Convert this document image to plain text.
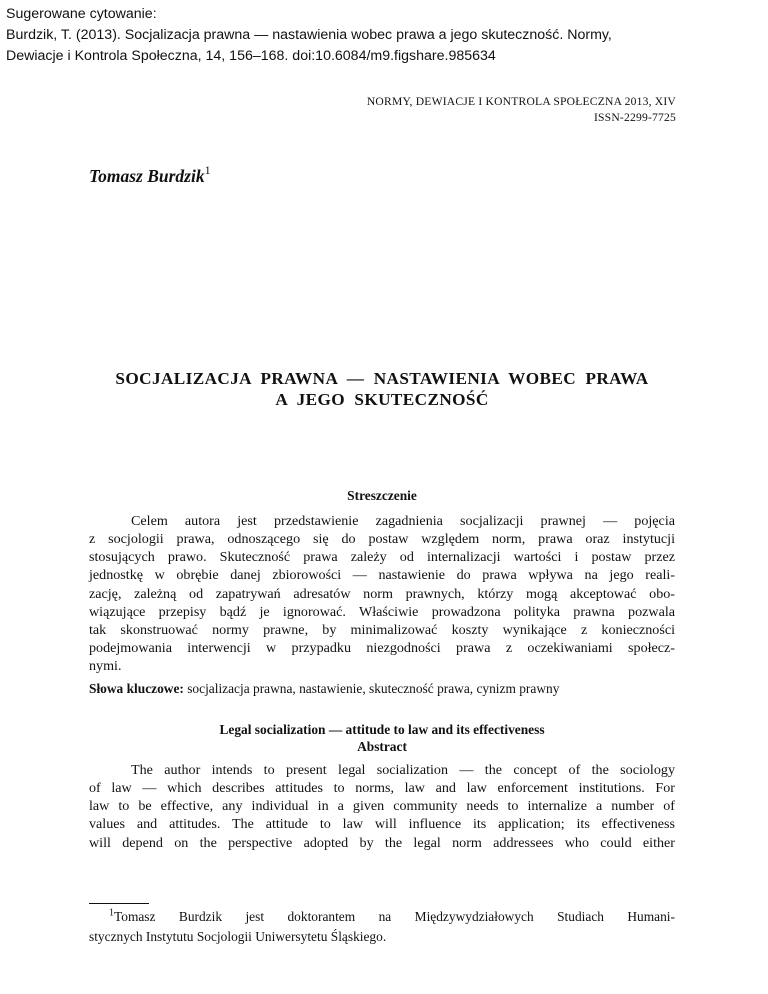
Sugerowane cytowanie:
Burdzik, T. (2013). Socjalizacja prawna — nastawienia wobec prawa a jego skuteczność. Normy,
Dewiacje i Kontrola Społeczna, 14, 156–168. doi:10.6084/m9.figshare.985634
NORMY, DEWIACJE I KONTROLA SPOŁECZNA 2013, XIV
ISSN-2299-7725
Tomasz Burdzik$^1$
SOCJALIZACJA  PRAWNA  —  NASTAWIENIA  WOBEC  PRAWA
A  JEGO  SKUTECZNOŚĆ
Streszczenie
Celem autora jest przedstawienie zagadnienia socjalizacji prawnej — pojęcia
z socjologii prawa, odnoszącego się do postaw względem norm, prawa oraz instytucji
stosujących prawo. Skuteczność prawa zależy od internalizacji wartości i postaw przez
jednostkę w obrębie danej zbiorowości — nastawienie do prawa wpływa na jego reali-
zację, zależną od zapatrywań adresatów norm prawnych, którzy mogą akceptować obo-
wiązujące przepisy bądź je ignorować. Właściwie prowadzona polityka prawna pozwala
tak skonstruować normy prawne, by minimalizować koszty wynikające z konieczności
podejmowania interwencji w przypadku niezgodności prawa z oczekiwaniami społecz-
nymi.
Słowa kluczowe: socjalizacja prawna, nastawienie, skuteczność prawa, cynizm prawny
Legal socialization — attitude to law and its effectiveness
Abstract
The author intends to present legal socialization — the concept of the sociology
of law — which describes attitudes to norms, law and law enforcement institutions. For
law to be effective, any individual in a given community needs to internalize a number of
values and attitudes. The attitude to law will influence its application; its effectiveness
will depend on the perspective adopted by the legal norm addressees who could either
$^1$Tomasz Burdzik jest doktorantem na Międzywydziałowych Studiach Humani-
stycznych Instytutu Socjologii Uniwersytetu Śląskiego.
